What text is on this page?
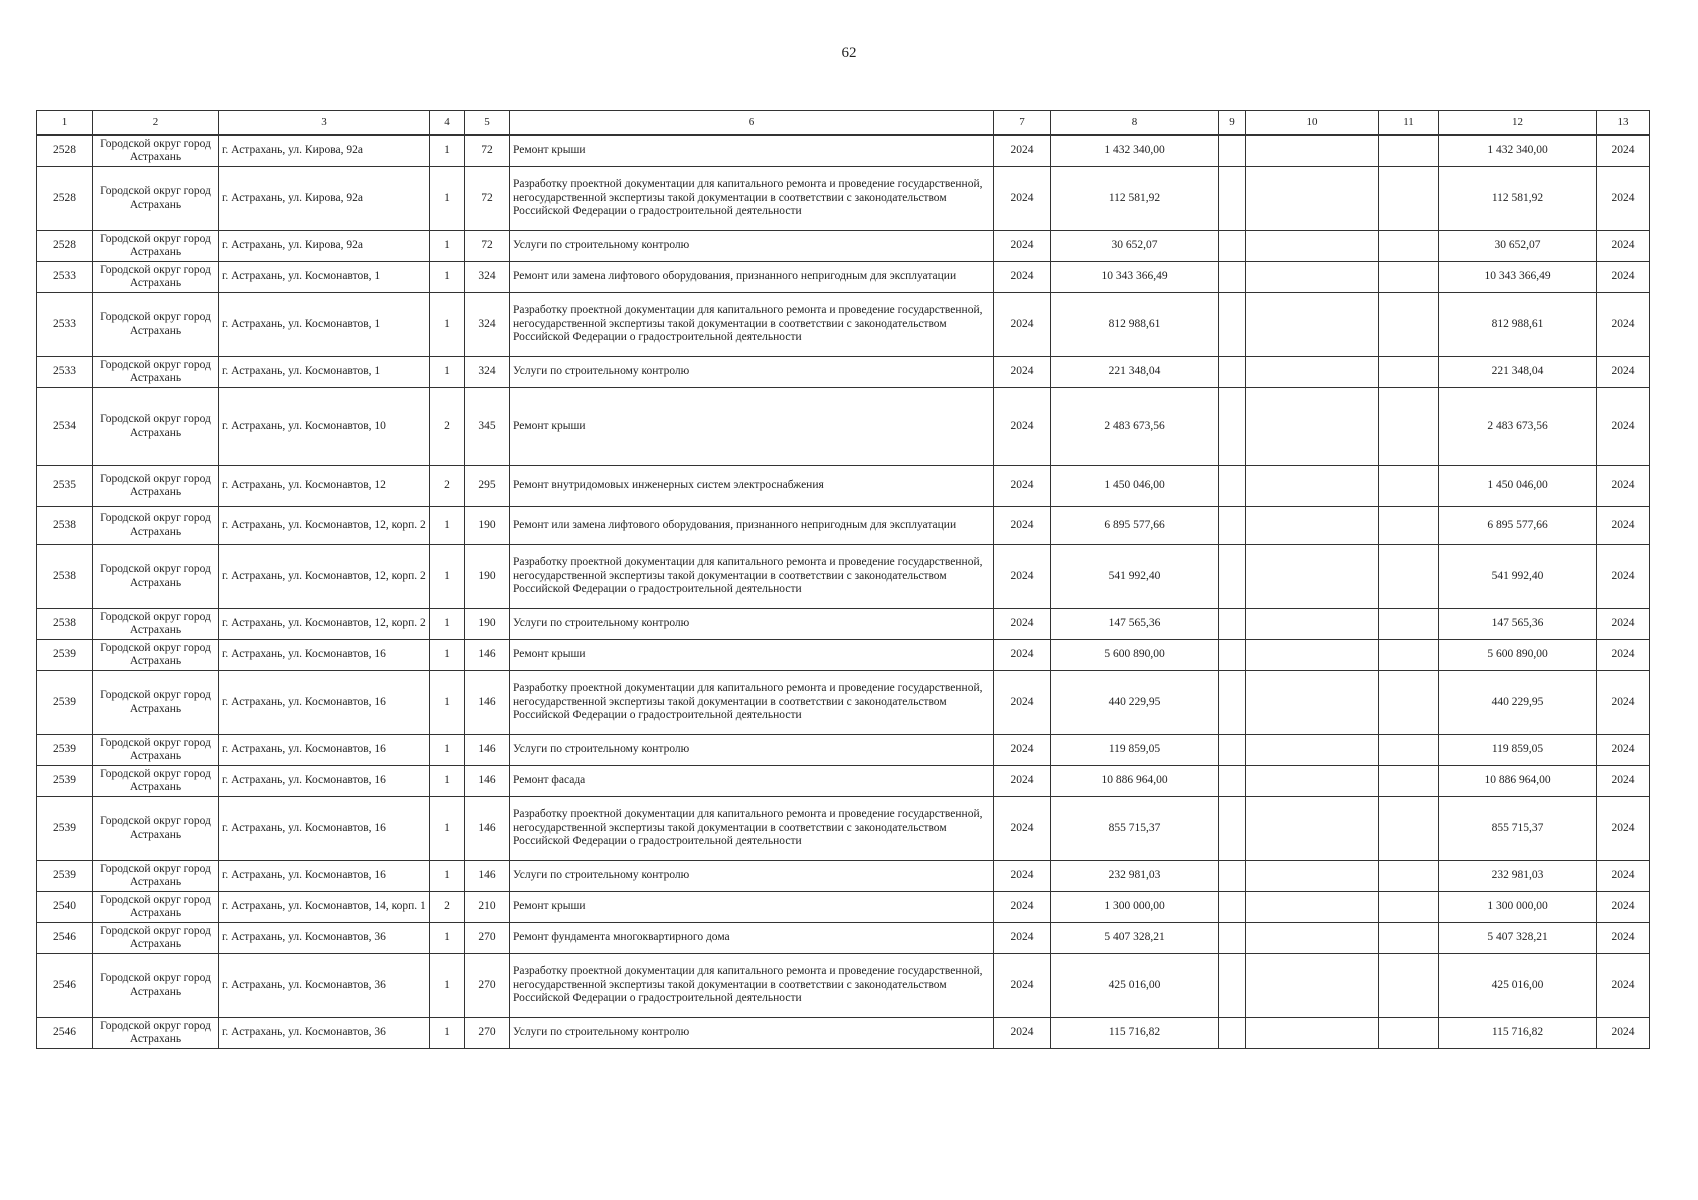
62
1	2	3	4	5	6	7	8	9	10	11	12	13
2528	Городской округ город Астрахань	г. Астрахань, ул. Кирова, 92а	1	72	Ремонт крыши	2024	1 432 340,00				1 432 340,00	2024
2528	Городской округ город Астрахань	г. Астрахань, ул. Кирова, 92а	1	72	Разработку проектной документации для капитального ремонта и проведение государственной, негосударственной экспертизы такой документации в соответствии с законодательством Российской Федерации о градостроительной деятельности	2024	112 581,92				112 581,92	2024
2528	Городской округ город Астрахань	г. Астрахань, ул. Кирова, 92а	1	72	Услуги по строительному контролю	2024	30 652,07				30 652,07	2024
2533	Городской округ город Астрахань	г. Астрахань, ул. Космонавтов, 1	1	324	Ремонт или замена лифтового оборудования, признанного непригодным для эксплуатации	2024	10 343 366,49				10 343 366,49	2024
2533	Городской округ город Астрахань	г. Астрахань, ул. Космонавтов, 1	1	324	Разработку проектной документации для капитального ремонта и проведение государственной, негосударственной экспертизы такой документации в соответствии с законодательством Российской Федерации о градостроительной деятельности	2024	812 988,61				812 988,61	2024
2533	Городской округ город Астрахань	г. Астрахань, ул. Космонавтов, 1	1	324	Услуги по строительному контролю	2024	221 348,04				221 348,04	2024
2534	Городской округ город Астрахань	г. Астрахань, ул. Космонавтов, 10	2	345	Ремонт крыши	2024	2 483 673,56				2 483 673,56	2024
2535	Городской округ город Астрахань	г. Астрахань, ул. Космонавтов, 12	2	295	Ремонт внутридомовых инженерных систем электроснабжения	2024	1 450 046,00				1 450 046,00	2024
2538	Городской округ город Астрахань	г. Астрахань, ул. Космонавтов, 12, корп. 2	1	190	Ремонт или замена лифтового оборудования, признанного непригодным для эксплуатации	2024	6 895 577,66				6 895 577,66	2024
2538	Городской округ город Астрахань	г. Астрахань, ул. Космонавтов, 12, корп. 2	1	190	Разработку проектной документации для капитального ремонта и проведение государственной, негосударственной экспертизы такой документации в соответствии с законодательством Российской Федерации о градостроительной деятельности	2024	541 992,40				541 992,40	2024
2538	Городской округ город Астрахань	г. Астрахань, ул. Космонавтов, 12, корп. 2	1	190	Услуги по строительному контролю	2024	147 565,36				147 565,36	2024
2539	Городской округ город Астрахань	г. Астрахань, ул. Космонавтов, 16	1	146	Ремонт крыши	2024	5 600 890,00				5 600 890,00	2024
2539	Городской округ город Астрахань	г. Астрахань, ул. Космонавтов, 16	1	146	Разработку проектной документации для капитального ремонта и проведение государственной, негосударственной экспертизы такой документации в соответствии с законодательством Российской Федерации о градостроительной деятельности	2024	440 229,95				440 229,95	2024
2539	Городской округ город Астрахань	г. Астрахань, ул. Космонавтов, 16	1	146	Услуги по строительному контролю	2024	119 859,05				119 859,05	2024
2539	Городской округ город Астрахань	г. Астрахань, ул. Космонавтов, 16	1	146	Ремонт фасада	2024	10 886 964,00				10 886 964,00	2024
2539	Городской округ город Астрахань	г. Астрахань, ул. Космонавтов, 16	1	146	Разработку проектной документации для капитального ремонта и проведение государственной, негосударственной экспертизы такой документации в соответствии с законодательством Российской Федерации о градостроительной деятельности	2024	855 715,37				855 715,37	2024
2539	Городской округ город Астрахань	г. Астрахань, ул. Космонавтов, 16	1	146	Услуги по строительному контролю	2024	232 981,03				232 981,03	2024
2540	Городской округ город Астрахань	г. Астрахань, ул. Космонавтов, 14, корп. 1	2	210	Ремонт крыши	2024	1 300 000,00				1 300 000,00	2024
2546	Городской округ город Астрахань	г. Астрахань, ул. Космонавтов, 36	1	270	Ремонт фундамента многоквартирного дома	2024	5 407 328,21				5 407 328,21	2024
2546	Городской округ город Астрахань	г. Астрахань, ул. Космонавтов, 36	1	270	Разработку проектной документации для капитального ремонта и проведение государственной, негосударственной экспертизы такой документации в соответствии с законодательством Российской Федерации о градостроительной деятельности	2024	425 016,00				425 016,00	2024
2546	Городской округ город Астрахань	г. Астрахань, ул. Космонавтов, 36	1	270	Услуги по строительному контролю	2024	115 716,82				115 716,82	2024
